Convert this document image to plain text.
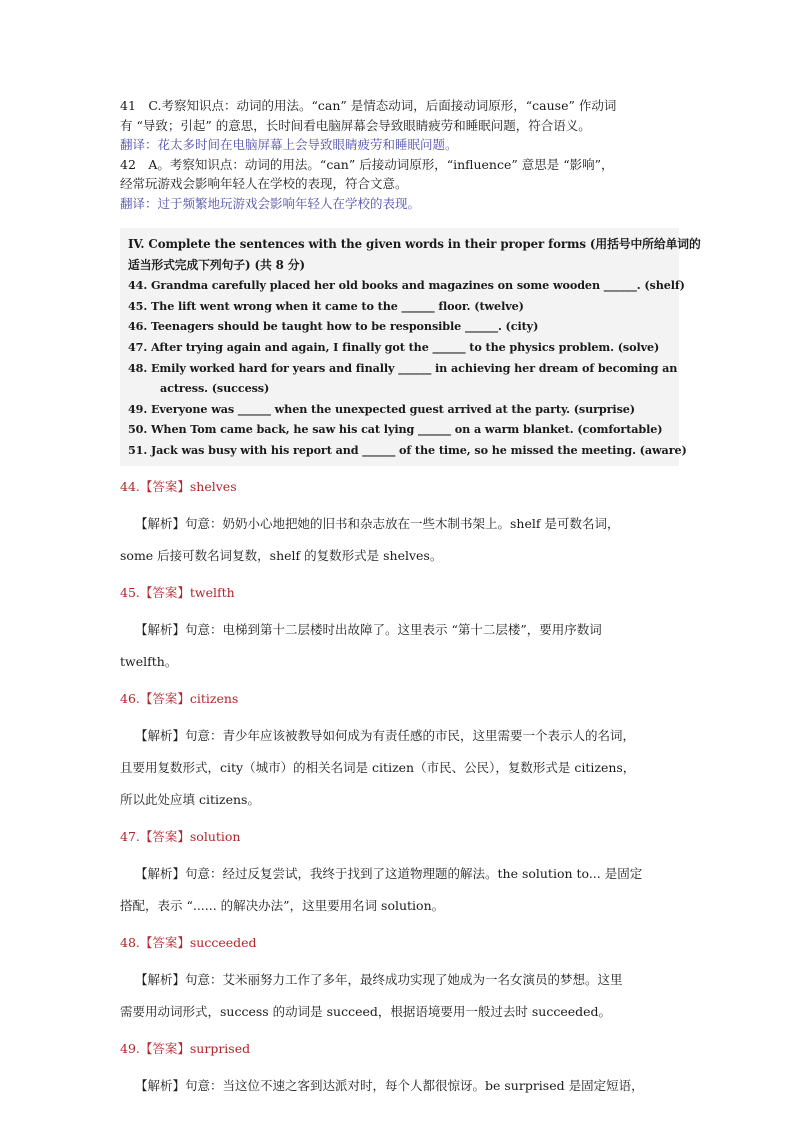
41　C.考察知识点：动词的用法。“can” 是情态动词，后面接动词原形，“cause” 作动词

有 “导致；引起” 的意思，长时间看电脑屏幕会导致眼睛疲劳和睡眠问题，符合语义。

翻译：花太多时间在电脑屏幕上会导致眼睛疲劳和睡眠问题。

42　A。考察知识点：动词的用法。“can” 后接动词原形，“influence” 意思是 “影响”，

经常玩游戏会影响年轻人在学校的表现，符合文意。

翻译：过于频繁地玩游戏会影响年轻人在学校的表现。

IV. Complete the sentences with the given words in their proper forms (用括号中所给单词的

适当形式完成下列句子) (共 8 分)

44. Grandma carefully placed her old books and magazines on some wooden ______. (shelf)

45. The lift went wrong when it came to the ______ floor. (twelve)

46. Teenagers should be taught how to be responsible ______. (city)

47. After trying again and again, I finally got the ______ to the physics problem. (solve)

48. Emily worked hard for years and finally ______ in achieving her dream of becoming an

actress. (success)

49. Everyone was ______ when the unexpected guest arrived at the party. (surprise)

50. When Tom came back, he saw his cat lying ______ on a warm blanket. (comfortable)

51. Jack was busy with his report and ______ of the time, so he missed the meeting. (aware)

44.【答案】shelves

【解析】句意：奶奶小心地把她的旧书和杂志放在一些木制书架上。shelf 是可数名词，
some 后接可数名词复数，shelf 的复数形式是 shelves。

45.【答案】twelfth

【解析】句意：电梯到第十二层楼时出故障了。这里表示 “第十二层楼”，要用序数词
twelfth。

46.【答案】citizens

【解析】句意：青少年应该被教导如何成为有责任感的市民，这里需要一个表示人的名词，
且要用复数形式，city（城市）的相关名词是 citizen（市民、公民），复数形式是 citizens，
所以此处应填 citizens。

47.【答案】solution

【解析】句意：经过反复尝试，我终于找到了这道物理题的解法。the solution to... 是固定
搭配，表示 “...... 的解决办法”，这里要用名词 solution。

48.【答案】succeeded

【解析】句意：艾米丽努力工作了多年，最终成功实现了她成为一名女演员的梦想。这里
需要用动词形式，success 的动词是 succeed，根据语境要用一般过去时 succeeded。

49.【答案】surprised

【解析】句意：当这位不速之客到达派对时，每个人都很惊讶。be surprised 是固定短语，
